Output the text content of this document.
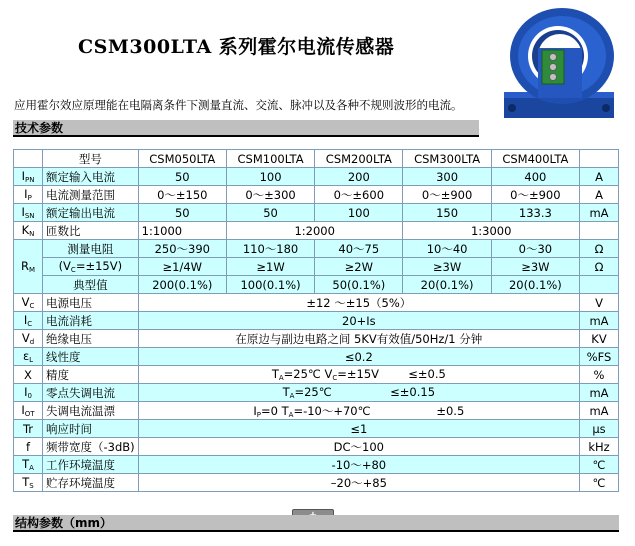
CSM300LTA 系列霍尔电流传感器
应用霍尔效应原理能在电隔离条件下测量直流、交流、脉冲以及各种不规则波形的电流。
技术参数
	型号	CSM050LTA	CSM100LTA	CSM200LTA	CSM300LTA	CSM400LTA	
$I_{PN}$	额定输入电流	50	100	200	300	400	A
$I_P$	电流测量范围	0～±150	0～±300	0～±600	0～±900	0～±900	A
$I_{SN}$	额定输出电流	50	50	100	150	133.3	mA
$K_N$	匝数比	1:1000	1:2000		1:3000		
$R_M$	测量电阻	250～390	110～180	40～75	10～40	0～30	Ω
	$(V_C=\pm 15V)$	≥1/4W	≥1W	≥2W	≥3W	≥3W	Ω
	典型值	200(0.1%)	100(0.1%)	50(0.1%)	20(0.1%)	20(0.1%)	
$V_C$	电源电压	±12 ～±15（5%）					V
$I_C$	电流消耗	20+Is					mA
$V_d$	绝缘电压	在原边与副边电路之间 5KV有效值/50Hz/1 分钟					KV
$\varepsilon_L$	线性度	≤0.2					%FS
X	精度	$T_A=25℃$ $V_C=\pm 15V \le\pm 0.5$					%
$I_0$	零点失调电流	$T_A=25℃ \le\pm 0.15$					mA
$I_{OT}$	失调电流温漂	$I_P=0$ $T_A=-10\sim+70℃ \pm 0.5$					mA
Tr	响应时间	≤1					μs
f	频带宽度（-3dB)	DC～100					kHz
$T_A$	工作环境温度	-10～+80					℃
$T_S$	贮存环境温度	–20～+85					℃
结构参数（mm）
